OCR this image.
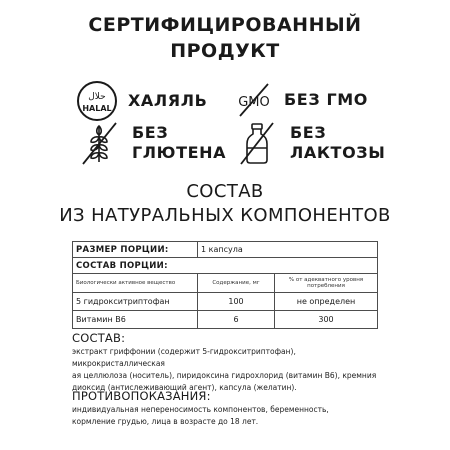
СЕРТИФИЦИРОВАННЫЙ
ПРОДУКТ
حلال
HALAL ХАЛЯЛЬ GMO БЕЗ ГМО
БЕЗ
ГЛЮТЕНА
БЕЗ
ЛАКТОЗЫ
СОСТАВ
ИЗ НАТУРАЛЬНЫХ КОМПОНЕНТОВ
РАЗМЕР ПОРЦИИ:	1 капсула	
СОСТАВ ПОРЦИИ:		
Биологически активное вещество	Содержание, мг	% от адекватного уровня потребления
5 гидрокситриптофан	100	не определен
Витамин В6	6	300
СОСТАВ:
экстракт гриффонии (содержит 5-гидрокситриптофан), микрокристаллическая
ая целлюлоза (носитель), пиридоксина гидрохлорид (витамин В6), кремния
диоксид (антислеживающий агент), капсула (желатин).
ПРОТИВОПОКАЗАНИЯ:
индивидуальная непереносимость компонентов, беременность,
кормление грудью, лица в возрасте до 18 лет.
